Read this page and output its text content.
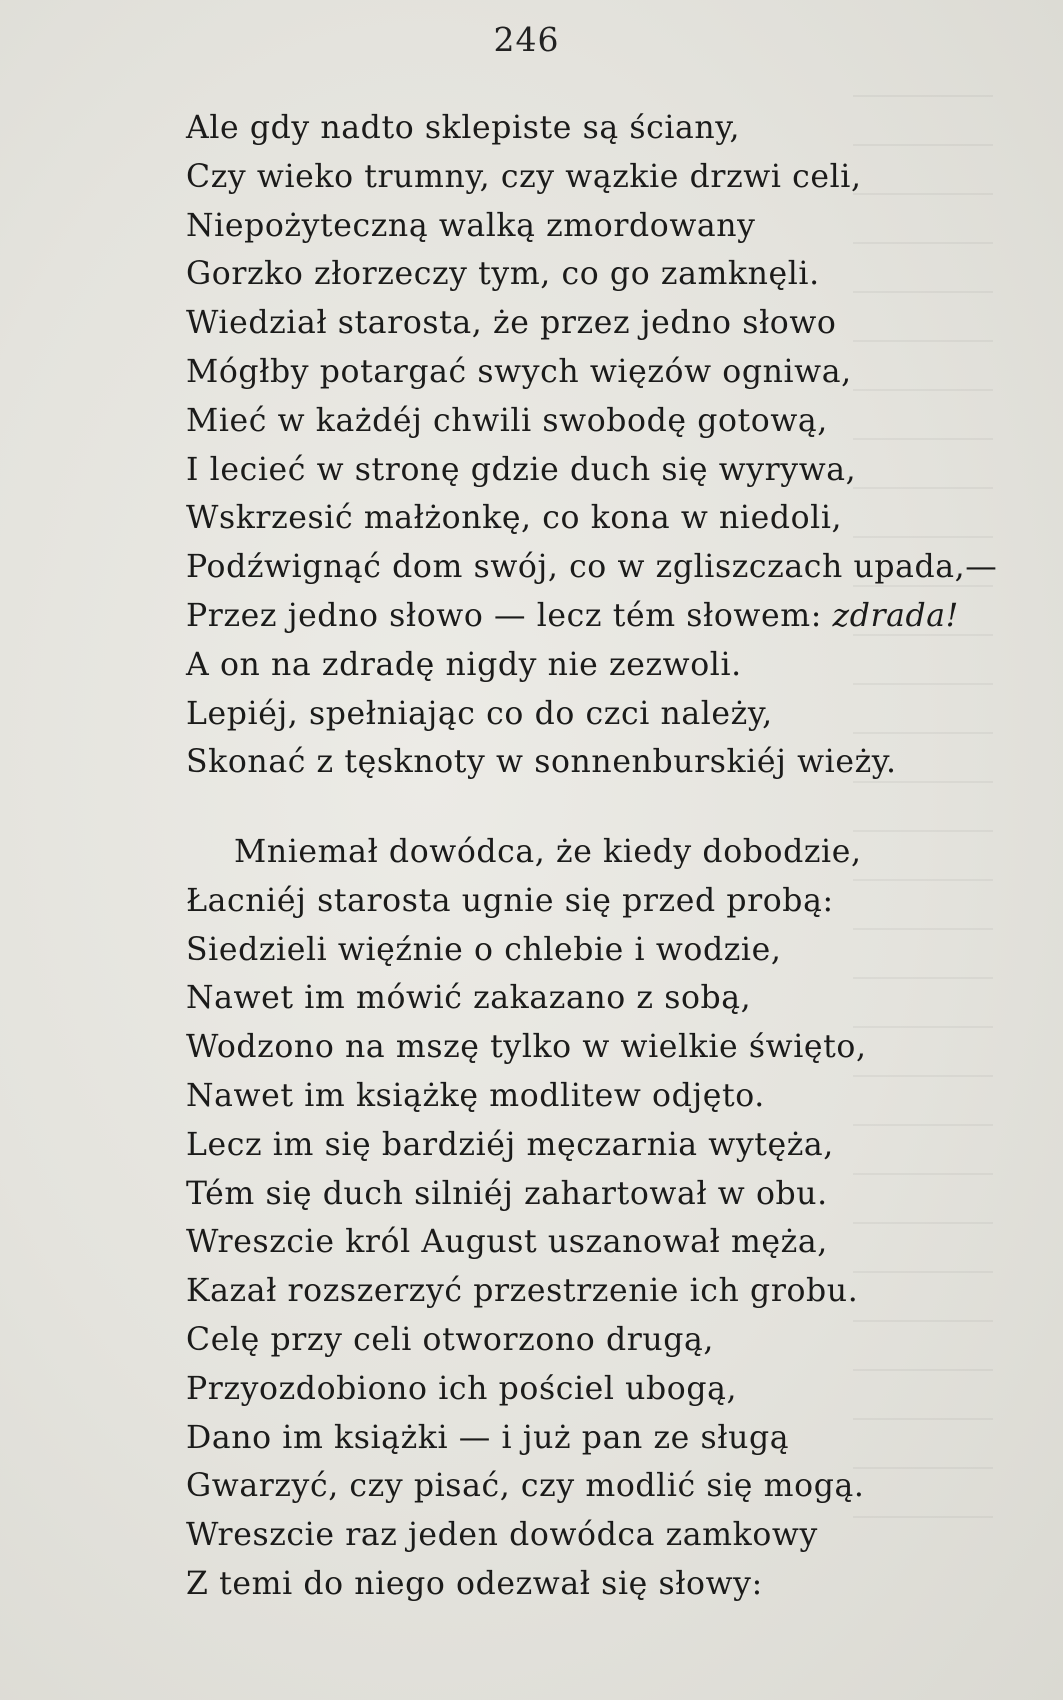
246
Ale gdy nadto sklepiste są ściany,
Czy wieko trumny, czy wązkie drzwi celi,
Niepożyteczną walką zmordowany
Gorzko złorzeczy tym, co go zamknęli.
Wiedział starosta, że przez jedno słowo
Mógłby potargać swych więzów ogniwa,
Mieć w każdéj chwili swobodę gotową,
I lecieć w stronę gdzie duch się wyrywa,
Wskrzesić małżonkę, co kona w niedoli,
Podźwignąć dom swój, co w zgliszczach upada,—
Przez jedno słowo — lecz tém słowem: zdrada!
A on na zdradę nigdy nie zezwoli.
Lepiéj, spełniając co do czci należy,
Skonać z tęsknoty w sonnenburskiéj wieży.
Mniemał dowódca, że kiedy dobodzie,
Łacniéj starosta ugnie się przed probą:
Siedzieli więźnie o chlebie i wodzie,
Nawet im mówić zakazano z sobą,
Wodzono na mszę tylko w wielkie święto,
Nawet im książkę modlitew odjęto.
Lecz im się bardziéj męczarnia wytęża,
Tém się duch silniéj zahartował w obu.
Wreszcie król August uszanował męża,
Kazał rozszerzyć przestrzenie ich grobu.
Celę przy celi otworzono drugą,
Przyozdobiono ich pościel ubogą,
Dano im książki — i już pan ze sługą
Gwarzyć, czy pisać, czy modlić się mogą.
Wreszcie raz jeden dowódca zamkowy
Z temi do niego odezwał się słowy:
